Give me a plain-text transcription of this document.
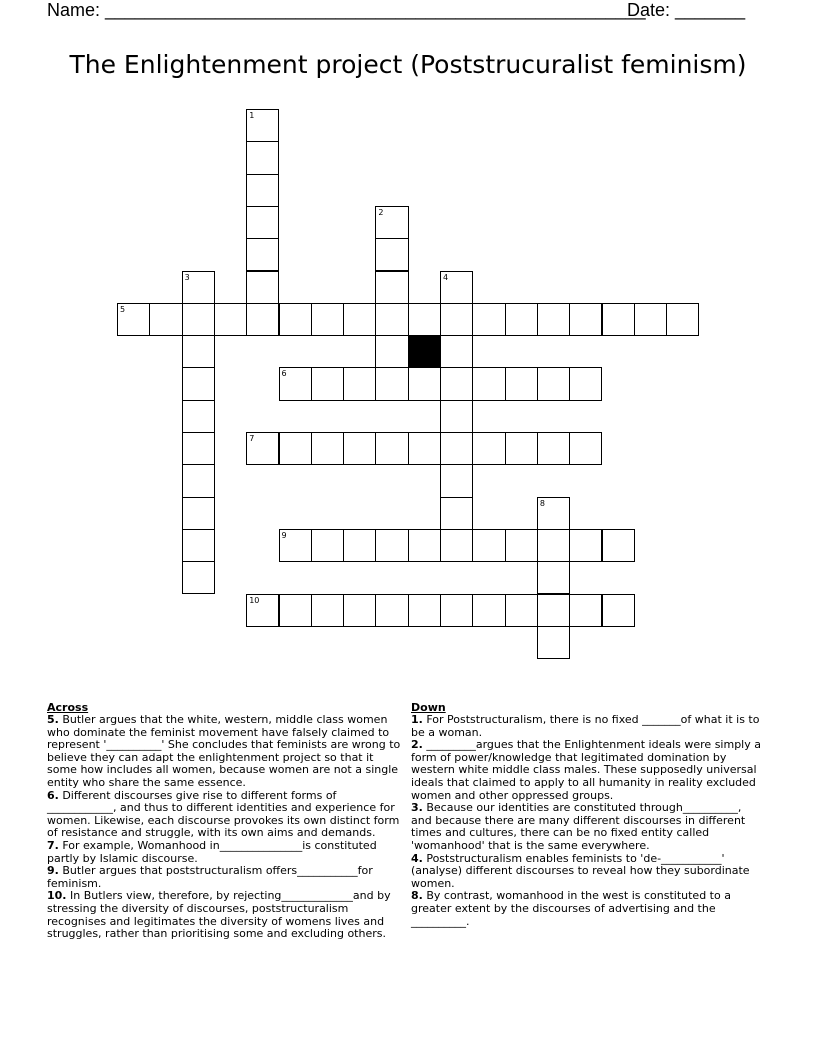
Name: ______________________________________________________
Date: _______
The Enlightenment project (Poststrucuralist feminism)
1
2
3	4
5
6
7
8
9
10
Across
5. Butler argues that the white, western, middle class women who dominate the feminist movement have falsely claimed to represent '__________' She concludes that feminists are wrong to believe they can adapt the enlightenment project so that it some how includes all women, because women are not a single entity who share the same essence.
6. Different discourses give rise to different forms of ____________, and thus to different identities and experience for women. Likewise, each discourse provokes its own distinct form of resistance and struggle, with its own aims and demands.
7. For example, Womanhood in_______________is constituted partly by Islamic discourse.
9. Butler argues that poststructuralism offers___________for feminism.
10. In Butlers view, therefore, by rejecting_____________and by stressing the diversity of discourses, poststructuralism recognises and legitimates the diversity of womens lives and struggles, rather than prioritising some and excluding others.
Down
1. For Poststructuralism, there is no fixed _______of what it is to be a woman.
2. _________argues that the Enlightenment ideals were simply a form of power/knowledge that legitimated domination by western white middle class males. These supposedly universal ideals that claimed to apply to all humanity in reality excluded women and other oppressed groups.
3. Because our identities are constituted through__________, and because there are many different discourses in different times and cultures, there can be no fixed entity called 'womanhood' that is the same everywhere.
4. Poststructuralism enables feminists to 'de-___________' (analyse) different discourses to reveal how they subordinate women.
8. By contrast, womanhood in the west is constituted to a greater extent by the discourses of advertising and the __________.
